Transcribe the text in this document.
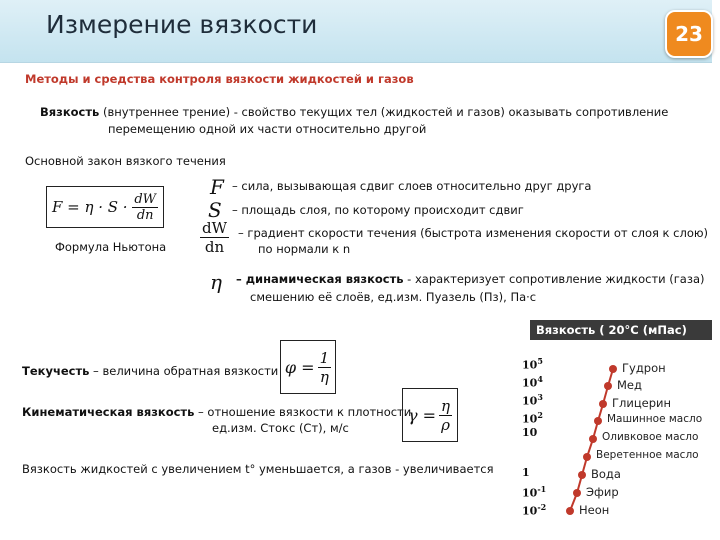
Измерение вязкости	23
Методы и средства контроля вязкости жидкостей и газов
Вязкость (внутреннее трение) - свойство текущих тел (жидкостей и газов) оказывать сопротивление
перемещению одной их части относительно другой
Основной закон вязкого течения
F = η · S ·
$\frac{dW}{dn}$
Формула Ньютона
F – сила, вызывающая сдвиг слоев относительно друг друга
S – площадь слоя, по которому происходит сдвиг
$\frac{dW}{dn}$ – градиент скорости течения (быстрота изменения скорости от слоя к слою)
по нормали к n
η – динамическая вязкость - характеризует сопротивление жидкости (газа)
смешению её слоёв, ед.изм. Пуазель (Пз), Па·с
Текучесть – величина обратная вязкости $\varphi = \frac{1}{\eta}$
Кинематическая вязкость – отношение вязкости к плотности
ед.изм. Стокс (Ст), м/с
$\gamma = \frac{\eta}{\rho}$
Вязкость жидкостей с увеличением t° уменьшается, а газов - увеличивается
Вязкость ( 20°С (мПас)
$10^5$
$10^4$
$10^3$
$10^2$
10
1
$10^{-1}$
$10^{-2}$
Гудрон
Мед
Глицерин
Машинное масло
Оливковое масло
Веретенное масло
Вода
Эфир
Неон
